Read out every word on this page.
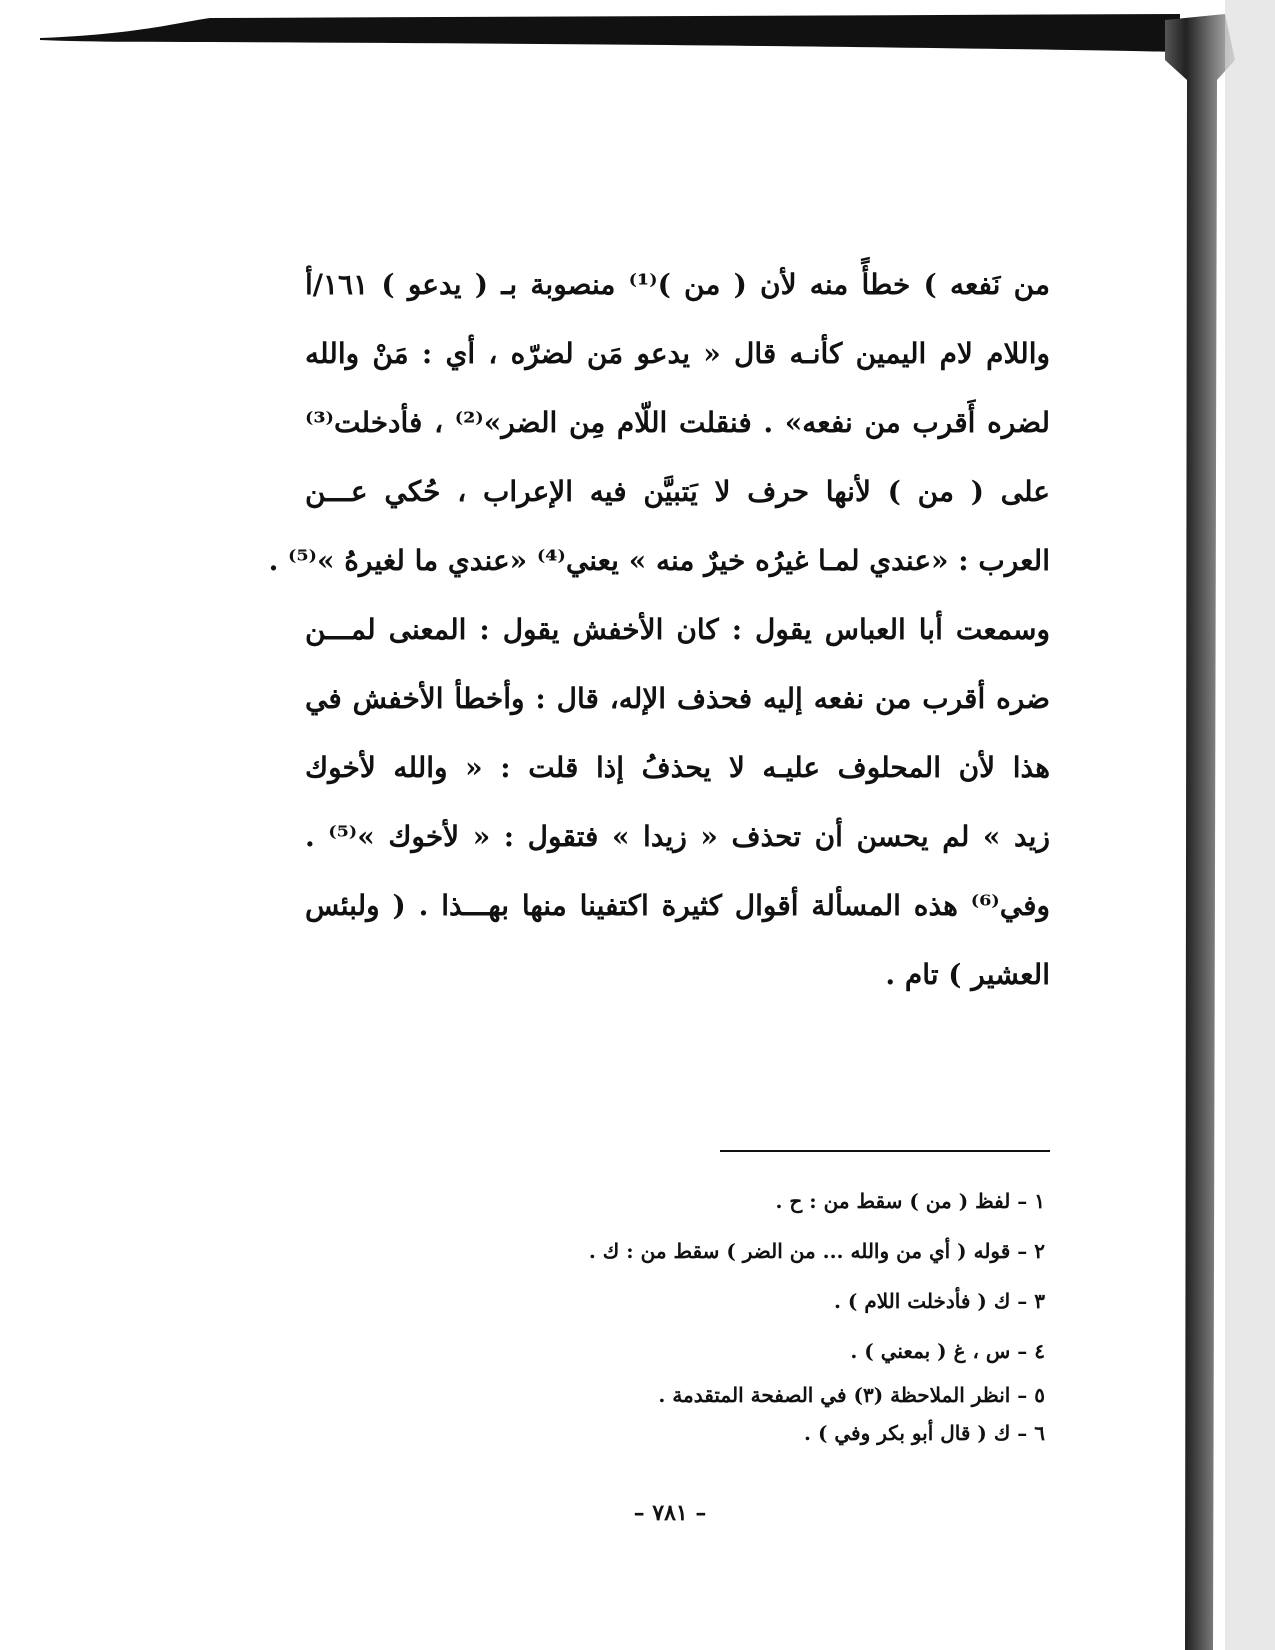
من نَفعه ) خطأً منه لأن ( من )⁽¹⁾ منصوبة بـ ( يدعو ) ١٦١/أ
واللام لام اليمين كأنـه قال « يدعو مَن لضرّه ، أي : مَنْ والله
لضره أَقرب من نفعه» . فنقلت اللّام مِن الضر»⁽²⁾ ، فأدخلت⁽³⁾
على ( من ) لأنها حرف لا يَتبيَّن فيه الإعراب ، حُكي عـــن
العرب : «عندي لمـا غيرُه خيرٌ منه » يعني⁽⁴⁾ «عندي ما لغيرهُ »⁽⁵⁾ .
وسمعت أبا العباس يقول : كان الأخفش يقول : المعنى لمـــن
ضره أقرب من نفعه إليه فحذف الإله، قال : وأخطأ الأخفش في
هذا لأن المحلوف عليـه لا يحذفُ إذا قلت : « والله لأخوك
زيد » لم يحسن أن تحذف « زيدا » فتقول : « لأخوك »⁽⁵⁾ .
وفي⁽⁶⁾ هذه المسألة أقوال كثيرة اكتفينا منها بهـــذا . ( ولبئس
العشير ) تام .
١ – لفظ ( من ) سقط من : ح .
٢ – قوله ( أي من والله ... من الضر ) سقط من : ك .
٣ – ك ( فأدخلت اللام ) .
٤ – س ، غ ( بمعني ) .
٥ – انظر الملاحظة (٣) في الصفحة المتقدمة .
٦ – ك ( قال أبو بكر وفي ) .
– ٧٨١ –
